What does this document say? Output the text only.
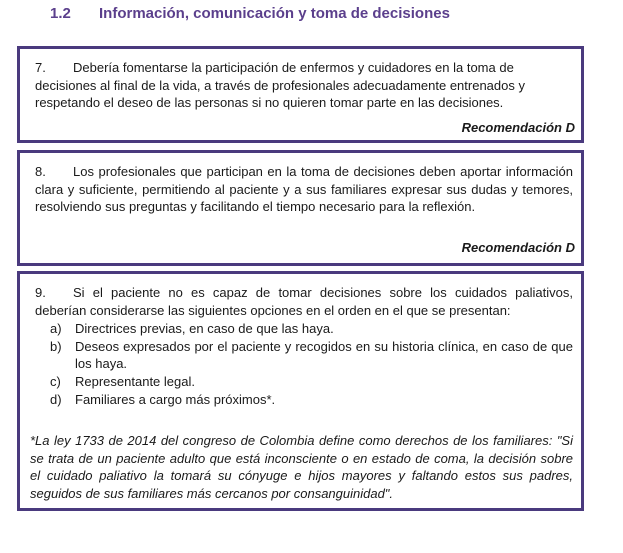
1.2 Información, comunicación y toma de decisiones
7. Debería fomentarse la participación de enfermos y cuidadores en la toma de decisiones al final de la vida, a través de profesionales adecuadamente entrenados y respetando el deseo de las personas si no quieren tomar parte en las decisiones.
Recomendación D
8. Los profesionales que participan en la toma de decisiones deben aportar información clara y suficiente, permitiendo al paciente y a sus familiares expresar sus dudas y temores, resolviendo sus preguntas y facilitando el tiempo necesario para la reflexión.
Recomendación D
9. Si el paciente no es capaz de tomar decisiones sobre los cuidados paliativos, deberían considerarse las siguientes opciones en el orden en el que se presentan:
a) Directrices previas, en caso de que las haya.
b) Deseos expresados por el paciente y recogidos en su historia clínica, en caso de que los haya.
c) Representante legal.
d) Familiares a cargo más próximos*.
*La ley 1733 de 2014 del congreso de Colombia define como derechos de los familiares: "Si se trata de un paciente adulto que está inconsciente o en estado de coma, la decisión sobre el cuidado paliativo la tomará su cónyuge e hijos mayores y faltando estos sus padres, seguidos de sus familiares más cercanos por consanguinidad".
